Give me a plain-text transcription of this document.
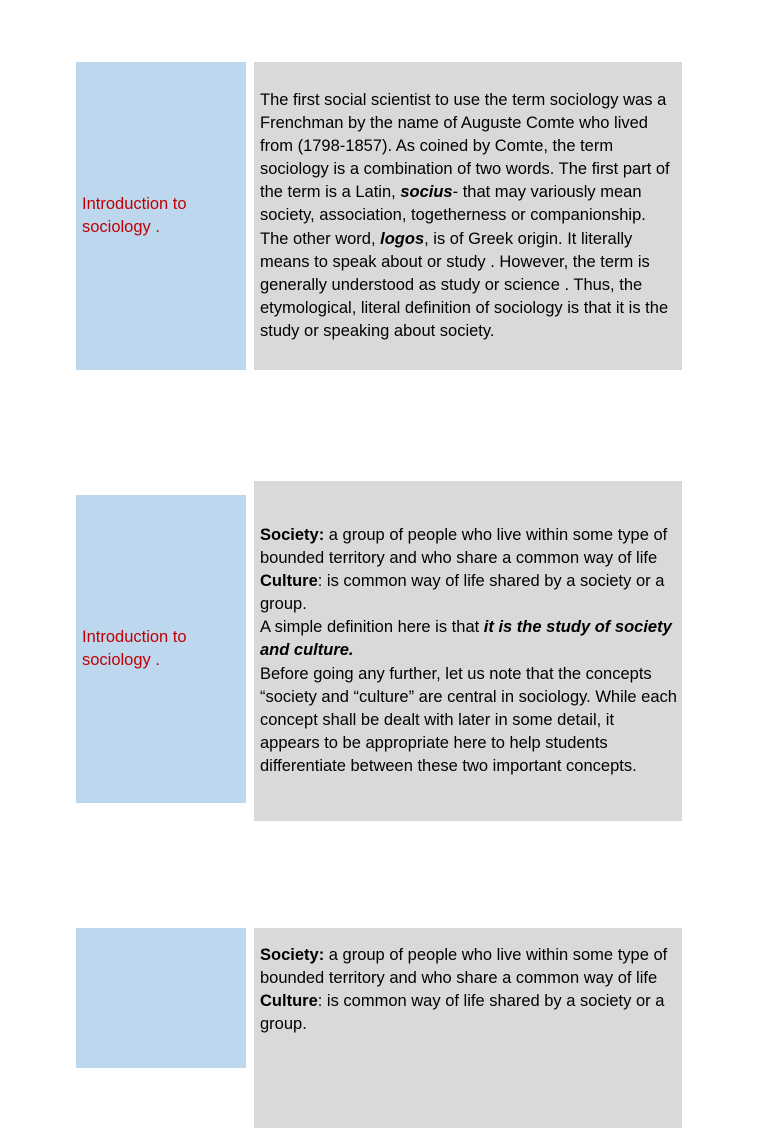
Introduction to sociology .

The first social scientist to use the term sociology was a Frenchman by the name of Auguste Comte who lived from (1798-1857). As coined by Comte, the term sociology is a combination of two words. The first part of the term is a Latin, socius- that may variously mean society, association, togetherness or companionship. The other word, logos, is of Greek origin. It literally means to speak about or study . However, the term is generally understood as study or science . Thus, the etymological, literal definition of sociology is that it is the study or speaking about society.

Introduction to sociology .

Society: a group of people who live within some type of bounded territory and who share a common way of life

Culture: is common way of life shared by a society or a group.

A simple definition here is that it is the study of society and culture.

Before going any further, let us note that the concepts “society and “culture” are central in sociology. While each concept shall be dealt with later in some detail, it appears to be appropriate here to help students differentiate between these two important concepts.

Society: a group of people who live within some type of bounded territory and who share a common way of life

Culture: is common way of life shared by a society or a group.
